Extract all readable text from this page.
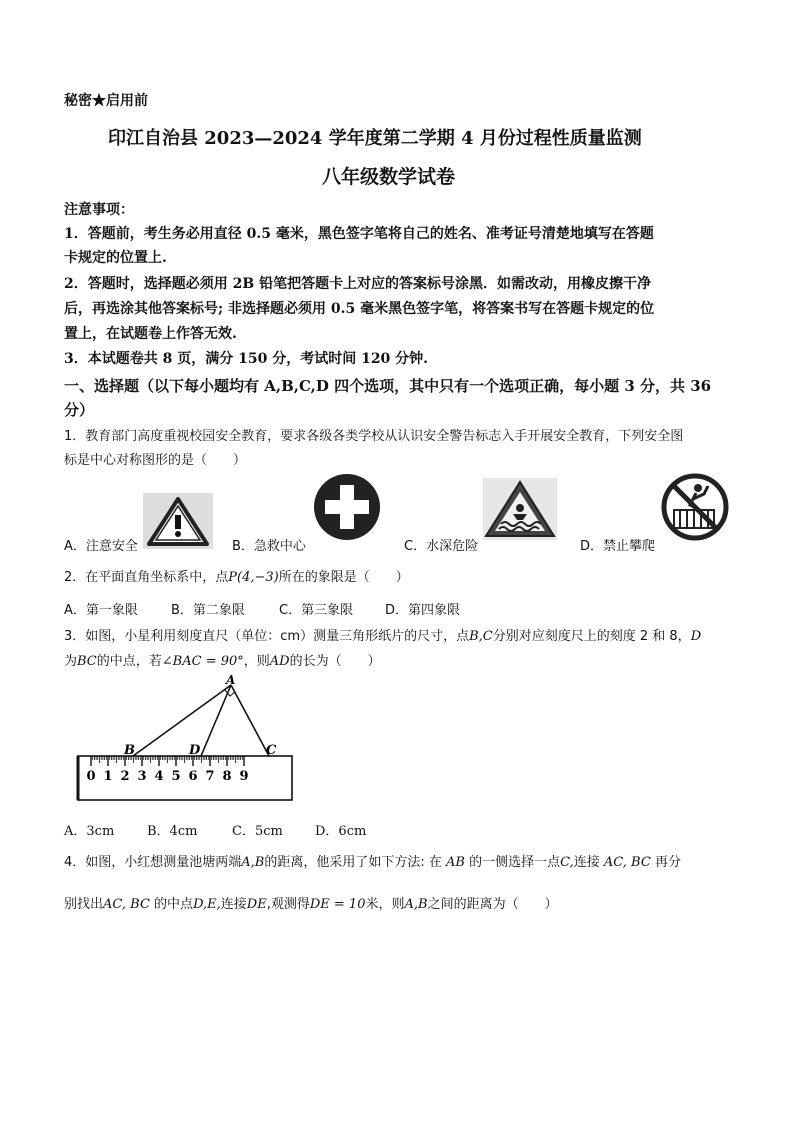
秘密★启用前
印江自治县 2023—2024 学年度第二学期 4 月份过程性质量监测
八年级数学试卷
注意事项：
1．答题前，考生务必用直径 0.5 毫米，黑色签字笔将自己的姓名、准考证号清楚地填写在答题
卡规定的位置上.
2．答题时，选择题必须用 2B 铅笔把答题卡上对应的答案标号涂黑．如需改动，用橡皮擦干净
后，再选涂其他答案标号; 非选择题必须用 0.5 毫米黑色签字笔，将答案书写在答题卡规定的位
置上，在试题卷上作答无效.
3．本试题卷共 8 页，满分 150 分，考试时间 120 分钟.
一、选择题（以下每小题均有 A,B,C,D 四个选项，其中只有一个选项正确，每小题 3 分，共 36
分）
1．教育部门高度重视校园安全教育，要求各级各类学校从认识安全警告标志入手开展安全教育，下列安全图
标是中心对称图形的是（　　）
A．注意安全	B．急救中心	C．水深危险	D．禁止攀爬
2．在平面直角坐标系中，点P(4,−3)所在的象限是（　　）
A．第一象限	B．第二象限	C．第三象限 D．第四象限
3．如图，小星利用刻度直尺（单位：cm）测量三角形纸片的尺寸，点B,C分别对应刻度尺上的刻度 2 和 8，D
为BC的中点，若∠BAC = 90°，则AD的长为（　　）
A
B	D	C
0 1 2 3 4 5 6 7 8 9
A．3cm	B．4cm	C．5cm D．6cm
4．如图，小红想测量池塘两端A,B的距离，他采用了如下方法: 在 AB 的一侧选择一点C,连接 AC, BC 再分
别找出AC, BC 的中点D,E,连接DE,观测得DE = 10米，则A,B之间的距离为（　　）
